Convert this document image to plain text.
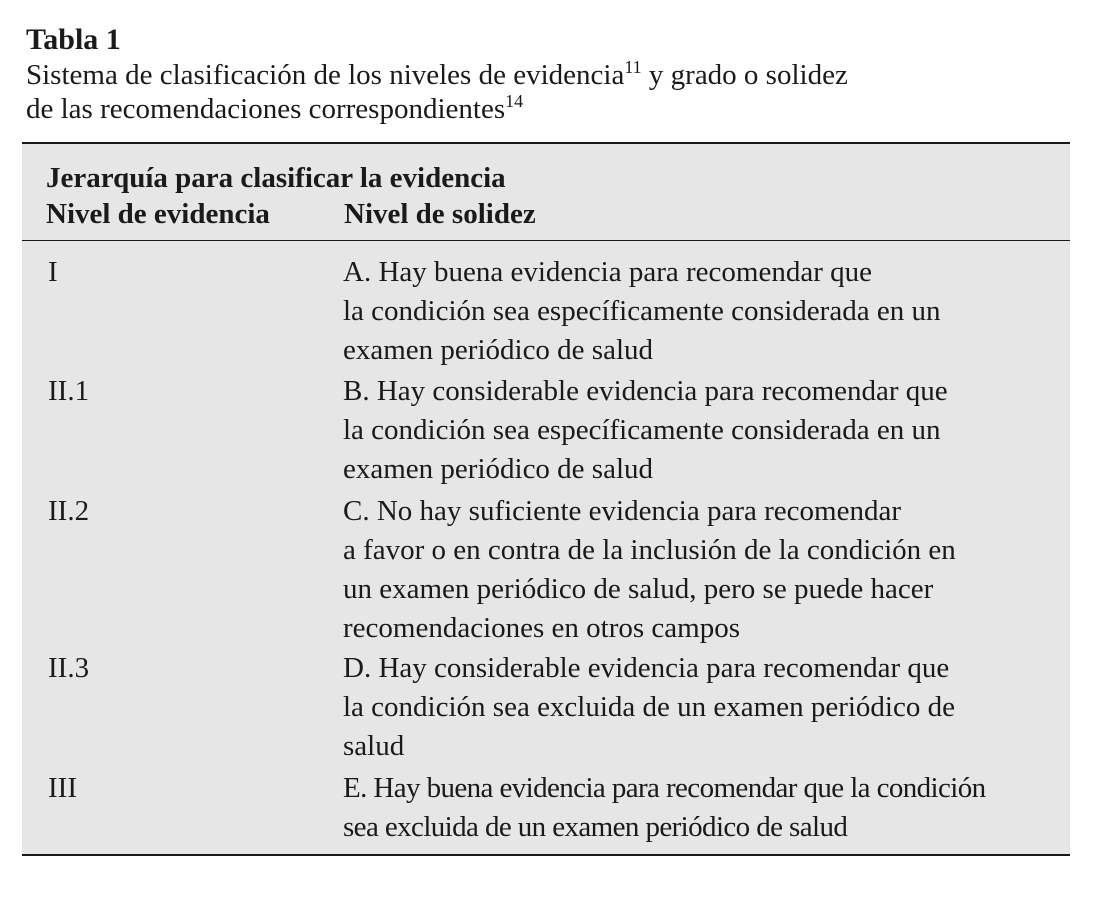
Tabla 1

Sistema de clasificación de los niveles de evidencia$^{11}$ y grado o solidez

de las recomendaciones correspondientes$^{14}$

Jerarquía para clasificar la evidencia
Nivel de evidencia	Nivel de solidez
I	A. Hay buena evidencia para recomendar que
la condición sea específicamente considerada en un
examen periódico de salud
II.1	B. Hay considerable evidencia para recomendar que
la condición sea específicamente considerada en un
examen periódico de salud
II.2	C. No hay suficiente evidencia para recomendar
a favor o en contra de la inclusión de la condición en
un examen periódico de salud, pero se puede hacer
recomendaciones en otros campos
II.3	D. Hay considerable evidencia para recomendar que
la condición sea excluida de un examen periódico de
salud
III	E. Hay buena evidencia para recomendar que la condición
sea excluida de un examen periódico de salud
